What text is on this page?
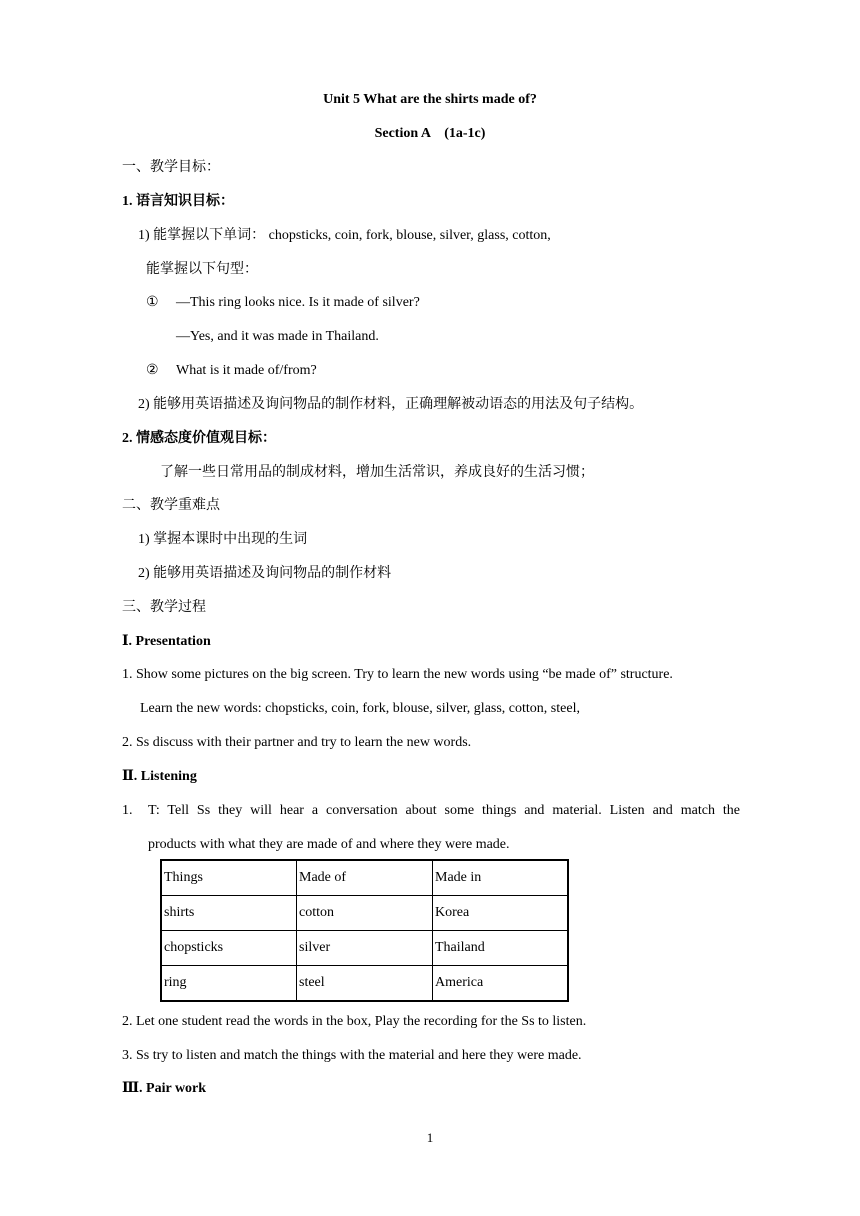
Unit 5 What are the shirts made of?
Section A　(1a-1c)
一、教学目标：
1. 语言知识目标：
1) 能掌握以下单词： chopsticks, coin, fork, blouse, silver, glass, cotton,
能掌握以下句型：
① —This ring looks nice. Is it made of silver?
—Yes, and it was made in Thailand.
② What is it made of/from?
2) 能够用英语描述及询问物品的制作材料，正确理解被动语态的用法及句子结构。
2. 情感态度价值观目标：
了解一些日常用品的制成材料，增加生活常识，养成良好的生活习惯；
二、教学重难点
1) 掌握本课时中出现的生词
2) 能够用英语描述及询问物品的制作材料
三、教学过程
Ⅰ. Presentation
1. Show some pictures on the big screen. Try to learn the new words using “be made of” structure.
Learn the new words: chopsticks, coin, fork, blouse, silver, glass, cotton, steel,
2. Ss discuss with their partner and try to learn the new words.
Ⅱ. Listening
1. T: Tell Ss they will hear a conversation about some things and material. Listen and match the
products with what they are made of and where they were made.
Things	Made of	Made in
shirts	cotton	Korea
chopsticks	silver	Thailand
ring	steel	America
2. Let one student read the words in the box, Play the recording for the Ss to listen.
3. Ss try to listen and match the things with the material and here they were made.
Ⅲ. Pair work
1
